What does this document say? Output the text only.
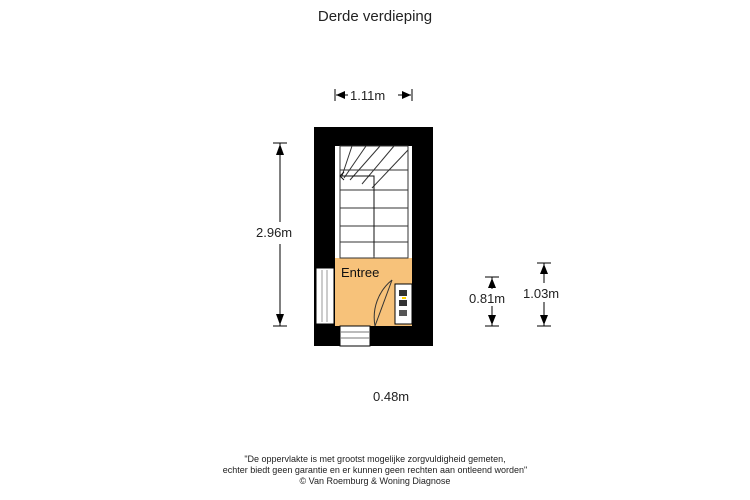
Derde verdieping
Entree
1.11m
2.96m
0.81m 1.03m
0.48m
"De oppervlakte is met grootst mogelijke zorgvuldigheid gemeten,
echter biedt geen garantie en er kunnen geen rechten aan ontleend worden"
© Van Roemburg & Woning Diagnose
